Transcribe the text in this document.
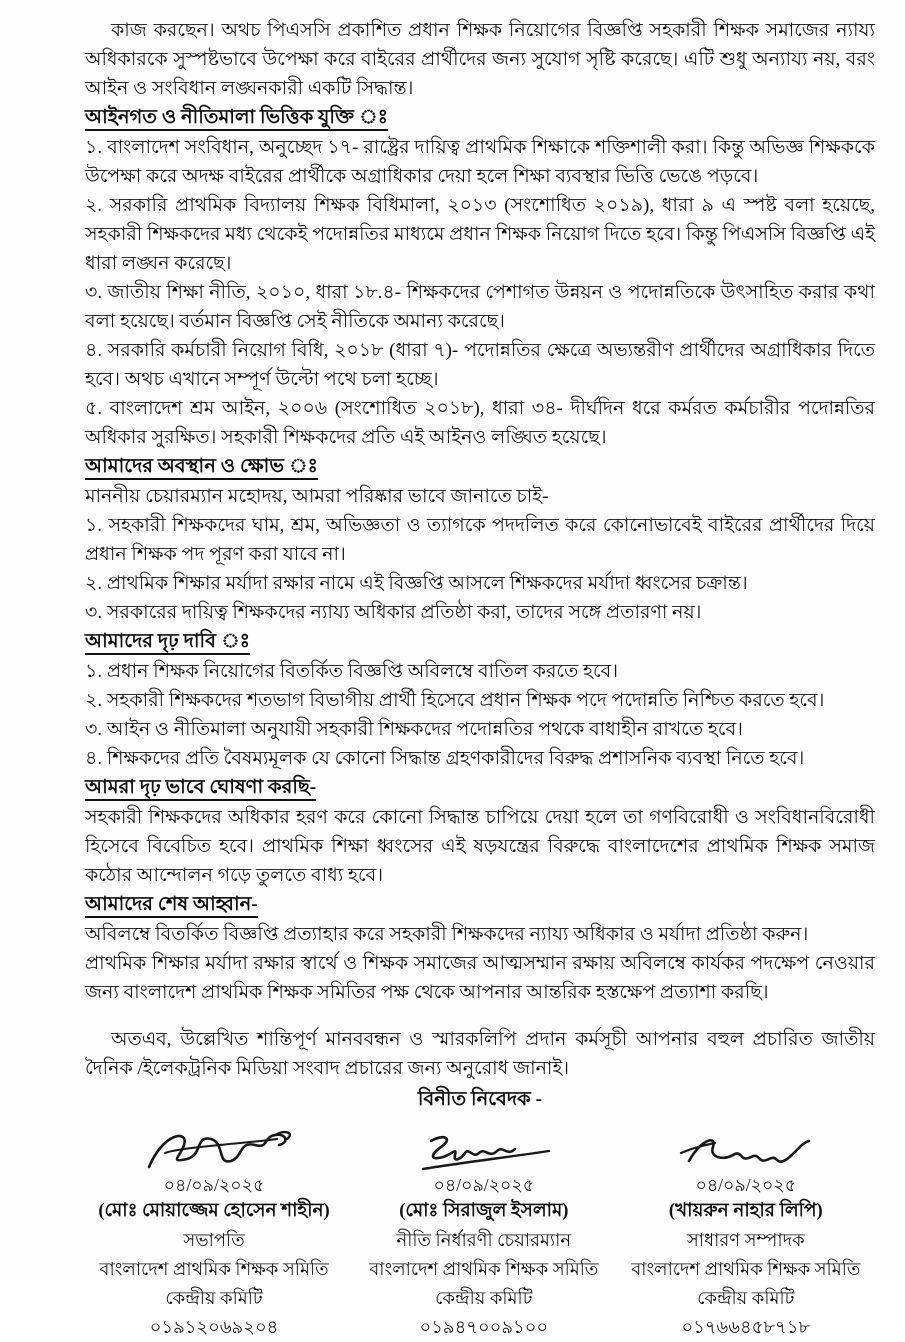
কাজ করছেন। অথচ পিএসসি প্রকাশিত প্রধান শিক্ষক নিয়োগের বিজ্ঞপ্তি সহকারী শিক্ষক সমাজের ন্যায্য অধিকারকে সুস্পষ্টভাবে উপেক্ষা করে বাইরের প্রার্থীদের জন্য সুযোগ সৃষ্টি করেছে। এটি শুধু অন্যায্য নয়, বরং আইন ও সংবিধান লঙ্ঘনকারী একটি সিদ্ধান্ত।

আইনগত ও নীতিমালা ভিত্তিক যুক্তি ঃ

১. বাংলাদেশ সংবিধান, অনুচ্ছেদ ১৭- রাষ্ট্রের দায়িত্ব প্রাথমিক শিক্ষাকে শক্তিশালী করা। কিন্তু অভিজ্ঞ শিক্ষককে উপেক্ষা করে অদক্ষ বাইরের প্রার্থীকে অগ্রাধিকার দেয়া হলে শিক্ষা ব্যবস্থার ভিত্তি ভেঙে পড়বে।

২. সরকারি প্রাথমিক বিদ্যালয় শিক্ষক বিধিমালা, ২০১৩ (সংশোধিত ২০১৯), ধারা ৯ এ স্পষ্ট বলা হয়েছে, সহকারী শিক্ষকদের মধ্য থেকেই পদোন্নতির মাধ্যমে প্রধান শিক্ষক নিয়োগ দিতে হবে। কিন্তু পিএসসি বিজ্ঞপ্তি এই ধারা লঙ্ঘন করেছে।

৩. জাতীয় শিক্ষা নীতি, ২০১০, ধারা ১৮.৪- শিক্ষকদের পেশাগত উন্নয়ন ও পদোন্নতিকে উৎসাহিত করার কথা বলা হয়েছে। বর্তমান বিজ্ঞপ্তি সেই নীতিকে অমান্য করেছে।

৪. সরকারি কর্মচারী নিয়োগ বিধি, ২০১৮ (ধারা ৭)- পদোন্নতির ক্ষেত্রে অভ্যন্তরীণ প্রার্থীদের অগ্রাধিকার দিতে হবে। অথচ এখানে সম্পূর্ণ উল্টো পথে চলা হচ্ছে।

৫. বাংলাদেশ শ্রম আইন, ২০০৬ (সংশোধিত ২০১৮), ধারা ৩৪- দীর্ঘদিন ধরে কর্মরত কর্মচারীর পদোন্নতির অধিকার সুরক্ষিত। সহকারী শিক্ষকদের প্রতি এই আইনও লঙ্ঘিত হয়েছে।

আমাদের অবস্থান ও ক্ষোভ ঃ

মাননীয় চেয়ারম্যান মহোদয়, আমরা পরিষ্কার ভাবে জানাতে চাই-

১. সহকারী শিক্ষকদের ঘাম, শ্রম, অভিজ্ঞতা ও ত্যাগকে পদদলিত করে কোনোভাবেই বাইরের প্রার্থীদের দিয়ে প্রধান শিক্ষক পদ পূরণ করা যাবে না।

২. প্রাথমিক শিক্ষার মর্যাদা রক্ষার নামে এই বিজ্ঞপ্তি আসলে শিক্ষকদের মর্যাদা ধ্বংসের চক্রান্ত।

৩. সরকারের দায়িত্ব শিক্ষকদের ন্যায্য অধিকার প্রতিষ্ঠা করা, তাদের সঙ্গে প্রতারণা নয়।

আমাদের দৃঢ় দাবি ঃ

১. প্রধান শিক্ষক নিয়োগের বিতর্কিত বিজ্ঞপ্তি অবিলম্বে বাতিল করতে হবে।

২. সহকারী শিক্ষকদের শতভাগ বিভাগীয় প্রার্থী হিসেবে প্রধান শিক্ষক পদে পদোন্নতি নিশ্চিত করতে হবে।

৩. আইন ও নীতিমালা অনুযায়ী সহকারী শিক্ষকদের পদোন্নতির পথকে বাধাহীন রাখতে হবে।

৪. শিক্ষকদের প্রতি বৈষম্যমূলক যে কোনো সিদ্ধান্ত গ্রহণকারীদের বিরুদ্ধ প্রশাসনিক ব্যবস্থা নিতে হবে।

আমরা দৃঢ় ভাবে ঘোষণা করছি-

সহকারী শিক্ষকদের অধিকার হরণ করে কোনো সিদ্ধান্ত চাপিয়ে দেয়া হলে তা গণবিরোধী ও সংবিধানবিরোধী হিসেবে বিবেচিত হবে। প্রাথমিক শিক্ষা ধ্বংসের এই ষড়যন্ত্রের বিরুদ্ধে বাংলাদেশের প্রাথমিক শিক্ষক সমাজ কঠোর আন্দোলন গড়ে তুলতে বাধ্য হবে।

আমাদের শেষ আহ্বান-

অবিলম্বে বিতর্কিত বিজ্ঞপ্তি প্রত্যাহার করে সহকারী শিক্ষকদের ন্যায্য অধিকার ও মর্যাদা প্রতিষ্ঠা করুন।

প্রাথমিক শিক্ষার মর্যাদা রক্ষার স্বার্থে ও শিক্ষক সমাজের আত্মসম্মান রক্ষায় অবিলম্বে কার্যকর পদক্ষেপ নেওয়ার জন্য বাংলাদেশ প্রাথমিক শিক্ষক সমিতির পক্ষ থেকে আপনার আন্তরিক হস্তক্ষেপ প্রত্যাশা করছি।

অতএব, উল্লেখিত শান্তিপূর্ণ মানববন্ধন ও স্মারকলিপি প্রদান কর্মসূচী আপনার বহুল প্রচারিত জাতীয় দৈনিক /ইলেকট্রনিক মিডিয়া সংবাদ প্রচারের জন্য অনুরোধ জানাই।

বিনীত নিবেদক -

০৪/০৯/২০২৫
(মোঃ মোয়াজ্জেম হোসেন শাহীন)
সভাপতি
বাংলাদেশ প্রাথমিক শিক্ষক সমিতি
কেন্দ্রীয় কমিটি
০১৯১২০৬৯২০৪
০৪/০৯/২০২৫
(মোঃ সিরাজুল ইসলাম)
নীতি নির্ধারণী চেয়ারম্যান
বাংলাদেশ প্রাথমিক শিক্ষক সমিতি
কেন্দ্রীয় কমিটি
০১৯৪৭০০৯১০০
০৪/০৯/২০২৫
(খায়রুন নাহার লিপি)
সাধারণ সম্পাদক
বাংলাদেশ প্রাথমিক শিক্ষক সমিতি
কেন্দ্রীয় কমিটি
০১৭৬৬৪৫৮৭১৮
